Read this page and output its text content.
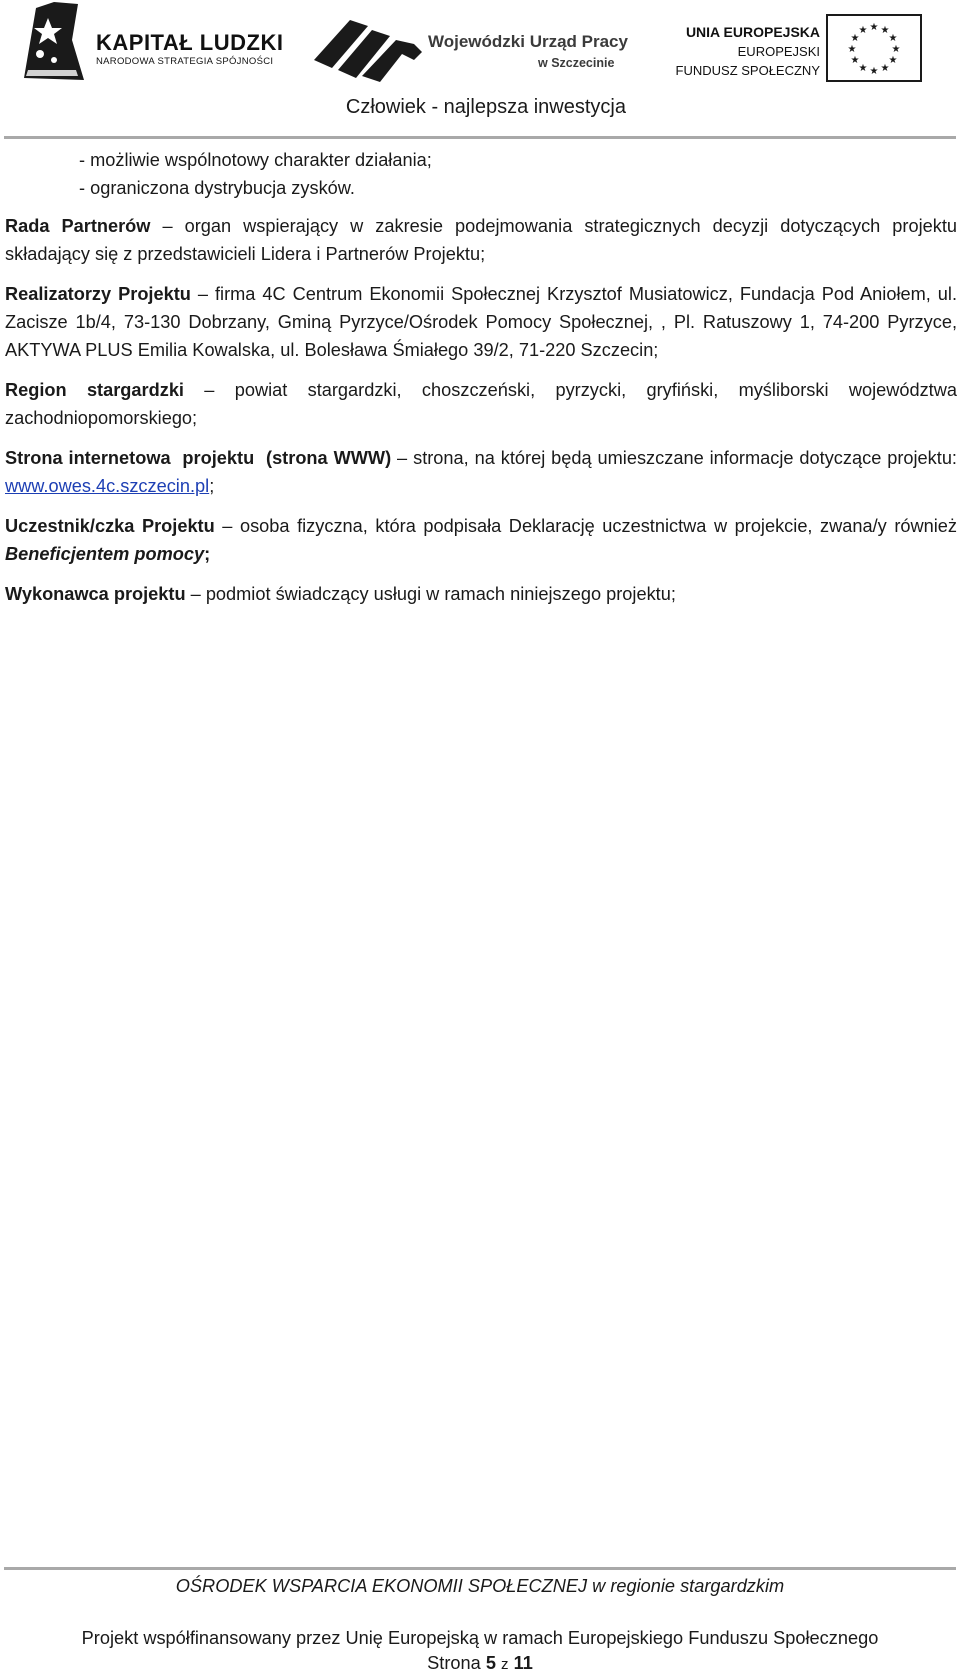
KAPITAŁ LUDZKI
NARODOWA STRATEGIA SPÓJNOŚCI
Wojewódzki Urząd Pracy
w Szczecinie
UNIA EUROPEJSKA
EUROPEJSKI
FUNDUSZ SPOŁECZNY
★ ★
★
★
★
★
★
★
★
★
★
★
Człowiek - najlepsza inwestycja
- możliwie wspólnotowy charakter działania;
- ograniczona dystrybucja zysków.

Rada Partnerów – organ wspierający w zakresie podejmowania strategicznych decyzji dotyczących projektu składający się z przedstawicieli Lidera i Partnerów Projektu;

Realizatorzy Projektu – firma 4C Centrum Ekonomii Społecznej Krzysztof Musiatowicz, Fundacja Pod Aniołem, ul. Zacisze 1b/4, 73-130 Dobrzany, Gminą Pyrzyce/Ośrodek Pomocy Społecznej, , Pl. Ratuszowy 1, 74-200 Pyrzyce, AKTYWA PLUS Emilia Kowalska, ul. Bolesława Śmiałego 39/2, 71-220 Szczecin;

Region stargardzki – powiat stargardzki, choszczeński, pyrzycki, gryfiński, myśliborski województwa zachodniopomorskiego;

Strona internetowa  projektu  (strona WWW) – strona, na której będą umieszczane informacje dotyczące projektu: www.owes.4c.szczecin.pl;

Uczestnik/czka Projektu – osoba fizyczna, która podpisała Deklarację uczestnictwa w projekcie, zwana/y również Beneficjentem pomocy;

Wykonawca projektu – podmiot świadczący usługi w ramach niniejszego projektu;

OŚRODEK WSPARCIA EKONOMII SPOŁECZNEJ w regionie stargardzkim
Projekt współfinansowany przez Unię Europejską w ramach Europejskiego Funduszu Społecznego
Strona 5 z 11
